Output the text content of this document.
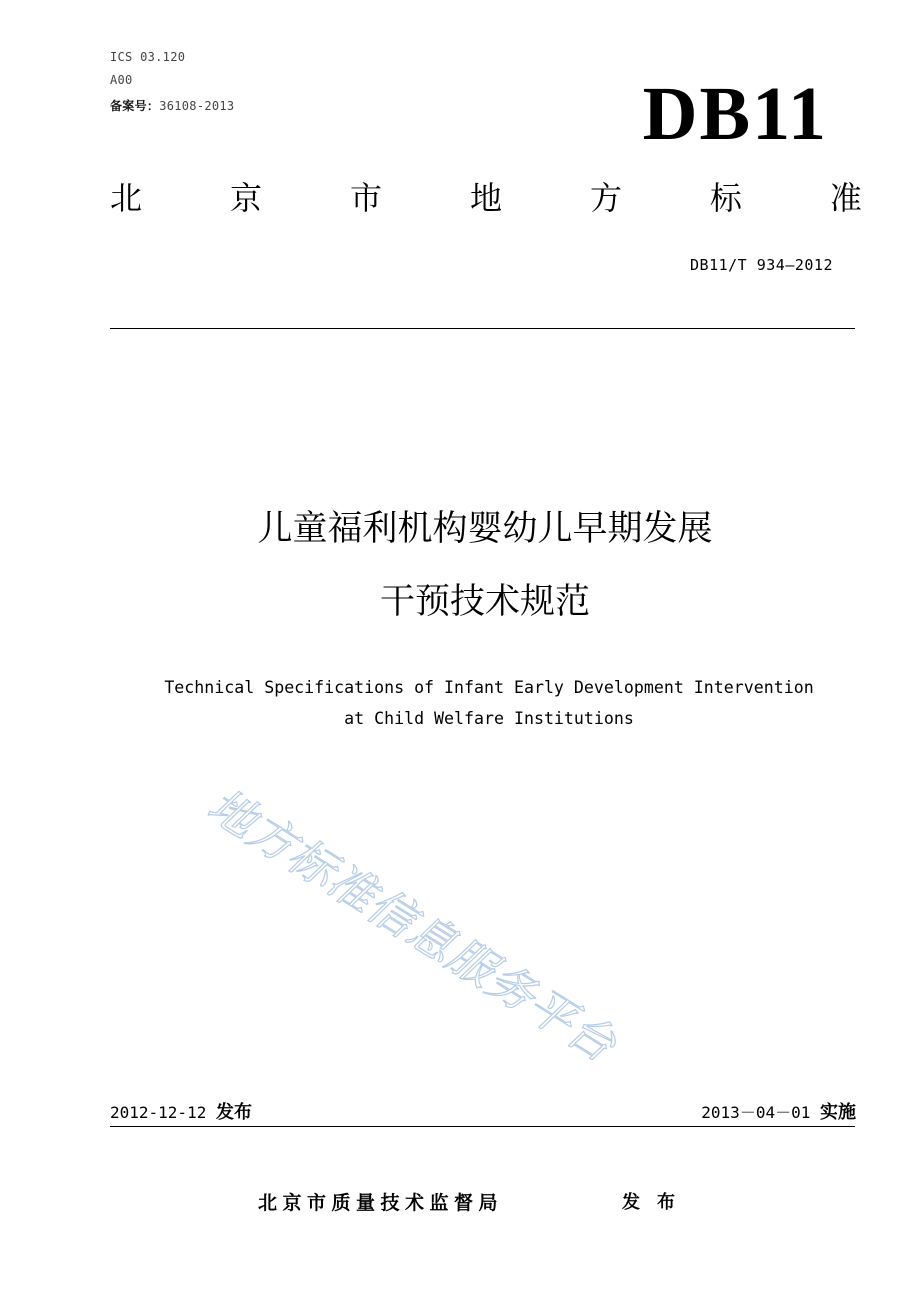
ICS 03.120
A00
备案号：36108-2013	DB11
北	京	市	地	方	标	准
DB11/T 934—2012
儿童福利机构婴幼儿早期发展
干预技术规范
Technical Specifications of Infant Early Development Intervention
at Child Welfare Institutions
地方标准信息服务平台
2012-12-12 发布	2013－04－01 实施
北京市质量技术监督局	发布
